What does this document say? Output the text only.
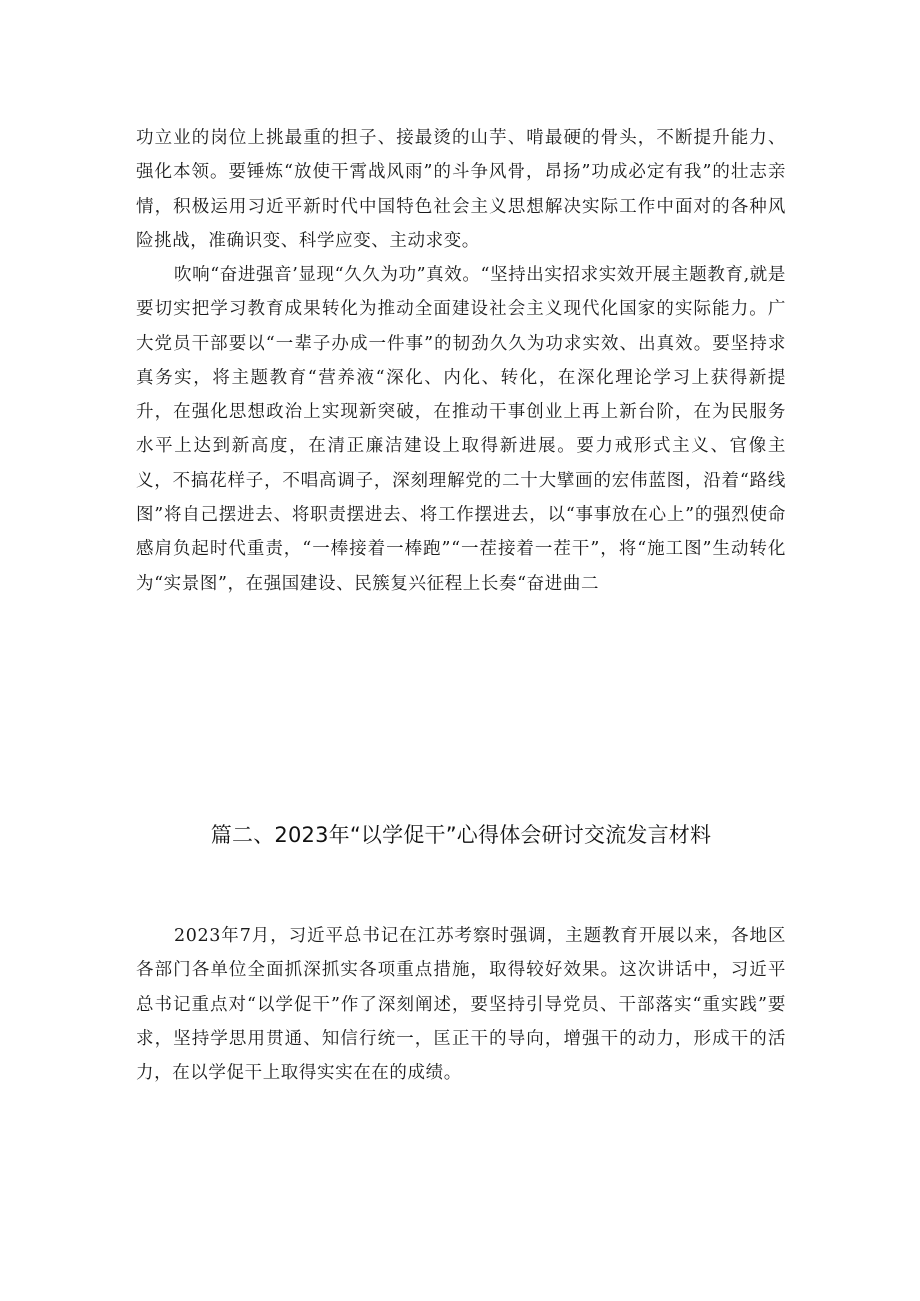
功立业的岗位上挑最重的担子、接最烫的山芋、啃最硬的骨头，不断提升能力、强化本领。要锤炼“放使干霄战风雨”的斗争风骨，昂扬”功成必定有我”的壮志亲情，积极运用习近平新时代中国特色社会主义思想解决实际工作中面对的各种风险挑战，准确识变、科学应变、主动求变。

吹响“奋进强音’显现“久久为功”真效。“坚持出实招求实效开展主题教育,就是要切实把学习教育成果转化为推动全面建设社会主义现代化国家的实际能力。广大党员干部要以“一辈子办成一件事”的韧劲久久为功求实效、出真效。要坚持求真务实，将主题教育“营养液“深化、内化、转化，在深化理论学习上获得新提升，在强化思想政治上实现新突破，在推动干事创业上再上新台阶，在为民服务水平上达到新高度，在清正廉洁建设上取得新进展。要力戒形式主义、官像主义，不搞花样子，不唱高调子，深刻理解党的二十大擘画的宏伟蓝图，沿着“路线图”将自己摆进去、将职责摆进去、将工作摆进去，以“事事放在心上”的强烈使命感肩负起时代重责，“一棒接着一棒跑”“一茬接着一茬干”，将“施工图”生动转化为“实景图”，在强国建设、民簇复兴征程上长奏“奋进曲二

篇二、2023年“以学促干”心得体会研讨交流发言材料

2023年7月，习近平总书记在江苏考察时强调，主题教育开展以来，各地区各部门各单位全面抓深抓实各项重点措施，取得较好效果。这次讲话中，习近平总书记重点对“以学促干”作了深刻阐述，要坚持引导党员、干部落实“重实践”要求，坚持学思用贯通、知信行统一，匡正干的导向，增强干的动力，形成干的活力，在以学促干上取得实实在在的成绩。
